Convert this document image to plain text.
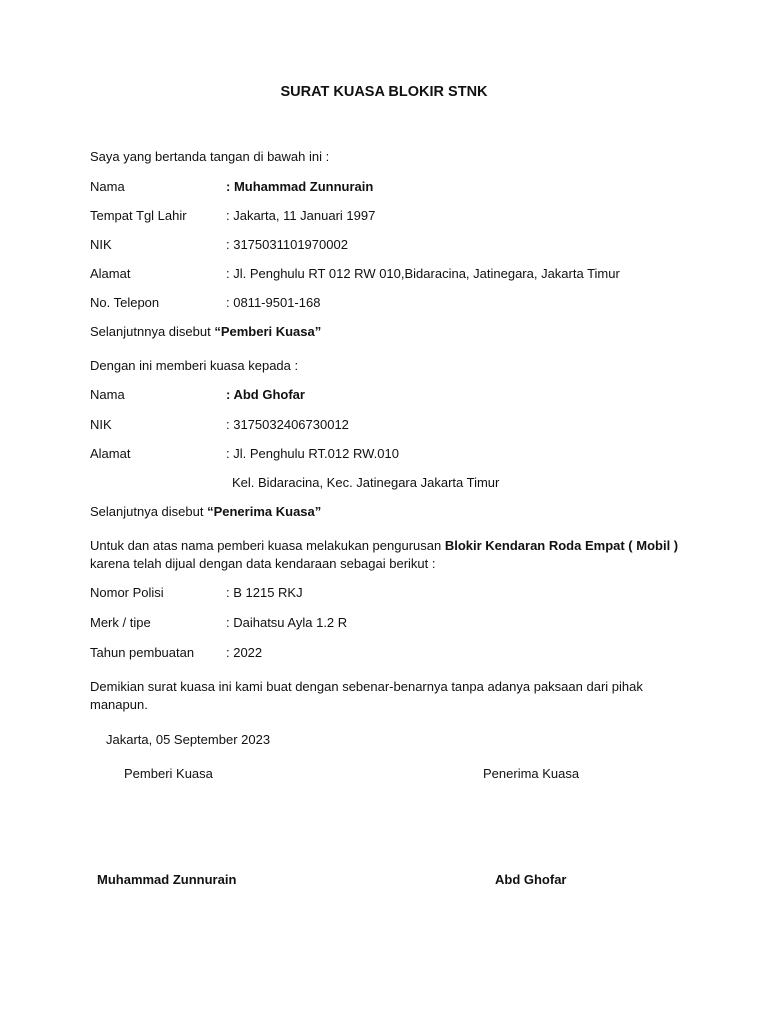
SURAT KUASA BLOKIR STNK
Saya yang bertanda tangan di bawah ini :
Nama	: Muhammad Zunnurain
Tempat Tgl Lahir	: Jakarta, 11 Januari 1997
NIK	: 3175031101970002
Alamat	: Jl. Penghulu RT 012 RW 010,Bidaracina, Jatinegara, Jakarta Timur
No. Telepon	: 0811-9501-168
Selanjutnnya disebut “Pemberi Kuasa”
Dengan ini memberi kuasa kepada :
Nama	: Abd Ghofar
NIK	: 3175032406730012
Alamat	: Jl. Penghulu RT.012 RW.010
Kel. Bidaracina, Kec. Jatinegara Jakarta Timur
Selanjutnya disebut “Penerima Kuasa”
Untuk dan atas nama pemberi kuasa melakukan pengurusan Blokir Kendaran Roda Empat ( Mobil )
karena telah dijual dengan data kendaraan sebagai berikut :
Nomor Polisi	: B 1215 RKJ
Merk / tipe	: Daihatsu Ayla 1.2 R
Tahun pembuatan : 2022
Demikian surat kuasa ini kami buat dengan sebenar-benarnya tanpa adanya paksaan dari pihak
manapun.
Jakarta, 05 September 2023
Pemberi Kuasa	Penerima Kuasa
Muhammad Zunnurain	Abd Ghofar
